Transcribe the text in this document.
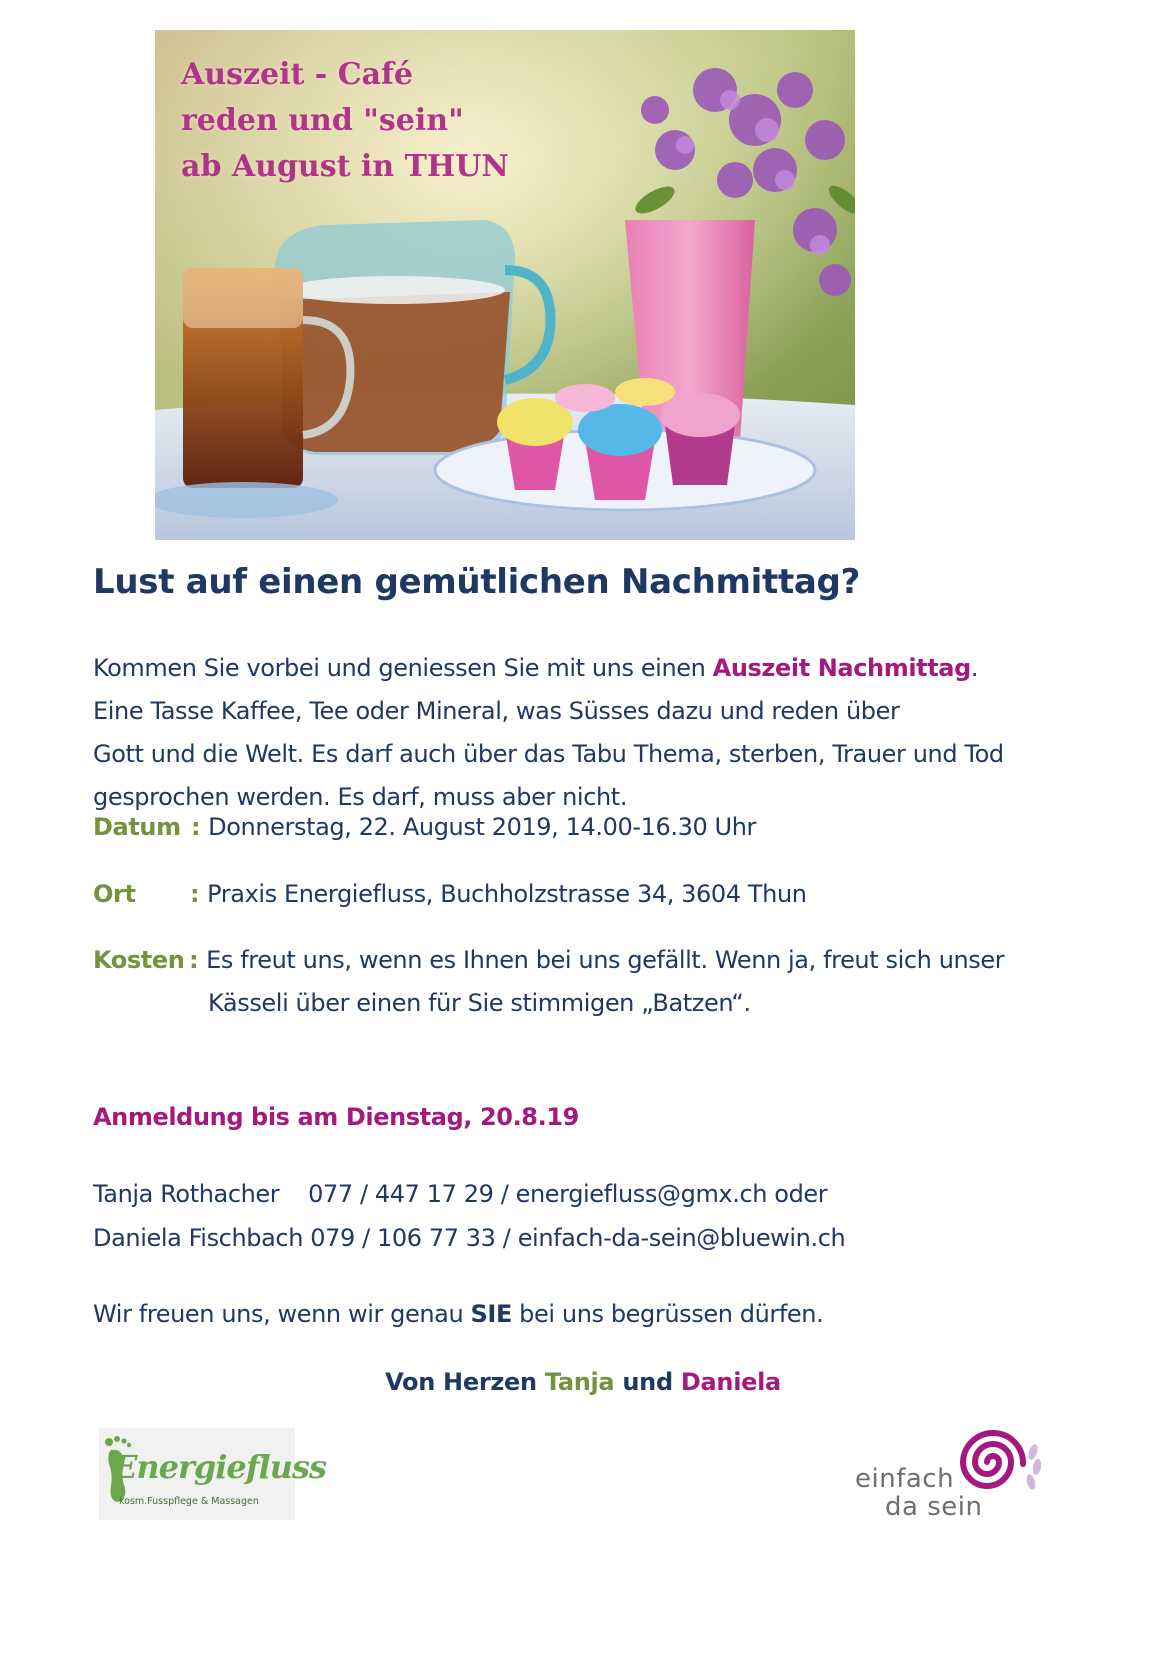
Auszeit - Café
reden und "sein"
ab August in THUN
Lust auf einen gemütlichen Nachmittag?
Kommen Sie vorbei und geniessen Sie mit uns einen Auszeit Nachmittag.
Eine Tasse Kaffee, Tee oder Mineral, was Süsses dazu und reden über
Gott und die Welt. Es darf auch über das Tabu Thema, sterben, Trauer und Tod
gesprochen werden. Es darf, muss aber nicht.
Datum : Donnerstag, 22. August 2019, 14.00-16.30 Uhr
Ort : Praxis Energiefluss, Buchholzstrasse 34, 3604 Thun
Kosten : Es freut uns, wenn es Ihnen bei uns gefällt. Wenn ja, freut sich unser
Kässeli über einen für Sie stimmigen „Batzen“.
Anmeldung bis am Dienstag, 20.8.19
Tanja Rothacher    077 / 447 17 29 / energiefluss@gmx.ch oder
Daniela Fischbach 079 / 106 77 33 / einfach-da-sein@bluewin.ch
Wir freuen uns, wenn wir genau SIE bei uns begrüssen dürfen.
Von Herzen Tanja und Daniela
Energiefluss
kosm.Fusspflege & Massagen
einfach
da sein
